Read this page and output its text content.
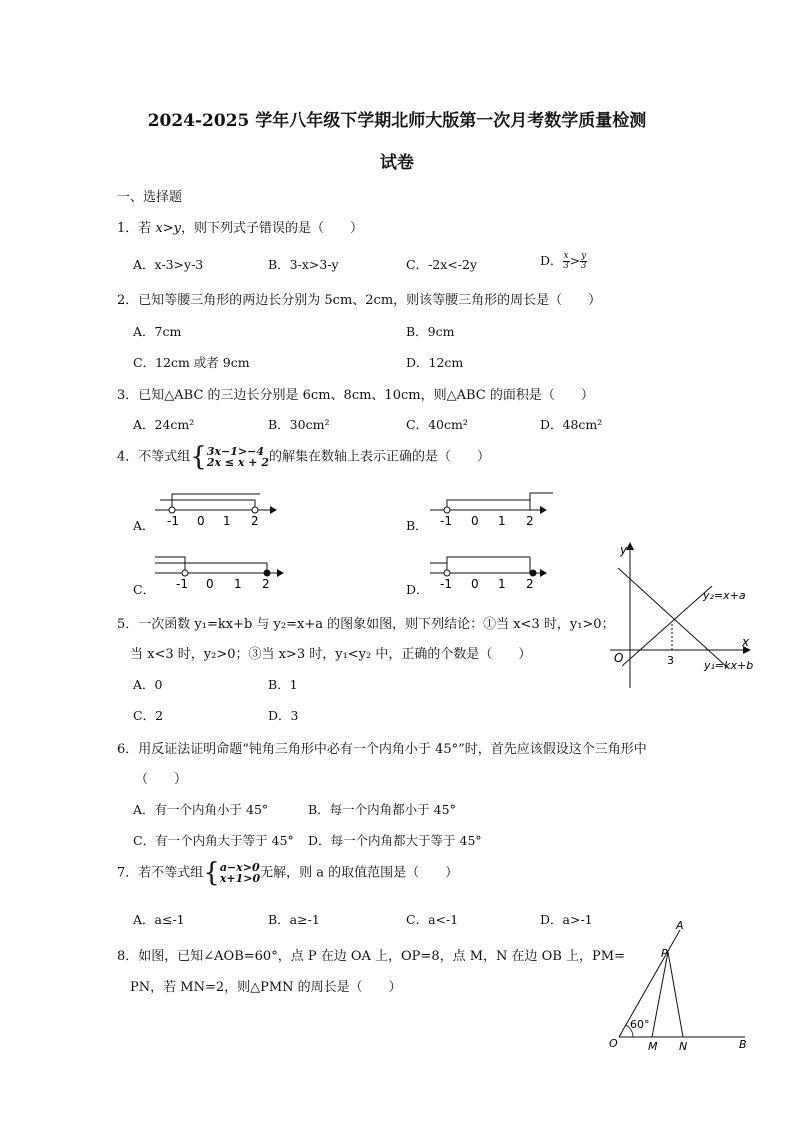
2024-2025 学年八年级下学期北师大版第一次月考数学质量检测
试卷
一、选择题
1．若 x>y，则下列式子错误的是（　　）
A．x-3>y-3	B．3-x>3-y	C．-2x<-2y	D． $\frac{x}{3} > \frac{y}{3}$
2．已知等腰三角形的两边长分别为 5cm、2cm，则该等腰三角形的周长是（　　）
A．7cm	B．9cm
C．12cm 或者 9cm	D．12cm
3．已知△ABC 的三边长分别是 6cm、8cm、10cm，则△ABC 的面积是（　　）
A．24cm²	B．30cm²	C．40cm²	D．48cm²
4．不等式组{ 3x−1>−4
2x ≤ x + 2 的解集在数轴上表示正确的是（　　）
A．	B．
C．	D．
-1 0 1 2	-1 0 1 2
-1 0 1 2	-1 0 1 2
y
x
O	3
y₂=x+a
y₁=kx+b
5．一次函数 y₁=kx+b 与 y₂=x+a 的图象如图，则下列结论：①当 x<3 时，y₁>0；
当 x<3 时，y₂>0；③当 x>3 时，y₁<y₂ 中，正确的个数是（　　）
A．0	B．1
C．2	D．3
6．用反证法证明命题“钝角三角形中必有一个内角小于 45°”时，首先应该假设这个三角形中
（　　）
A．有一个内角小于 45°	B．每一个内角都小于 45°
C．有一个内角大于等于 45° D．每一个内角都大于等于 45°
7．若不等式组{ a−x>0
x+1>0 无解，则 a 的取值范围是（　　）
A．a≤-1	B．a≥-1	C．a<-1	D．a>-1
8．如图，已知∠AOB=60°，点 P 在边 OA 上，OP=8，点 M，N 在边 OB 上，PM=
PN，若 MN=2，则△PMN 的周长是（　　）
60°
A
P
O	M N	B
